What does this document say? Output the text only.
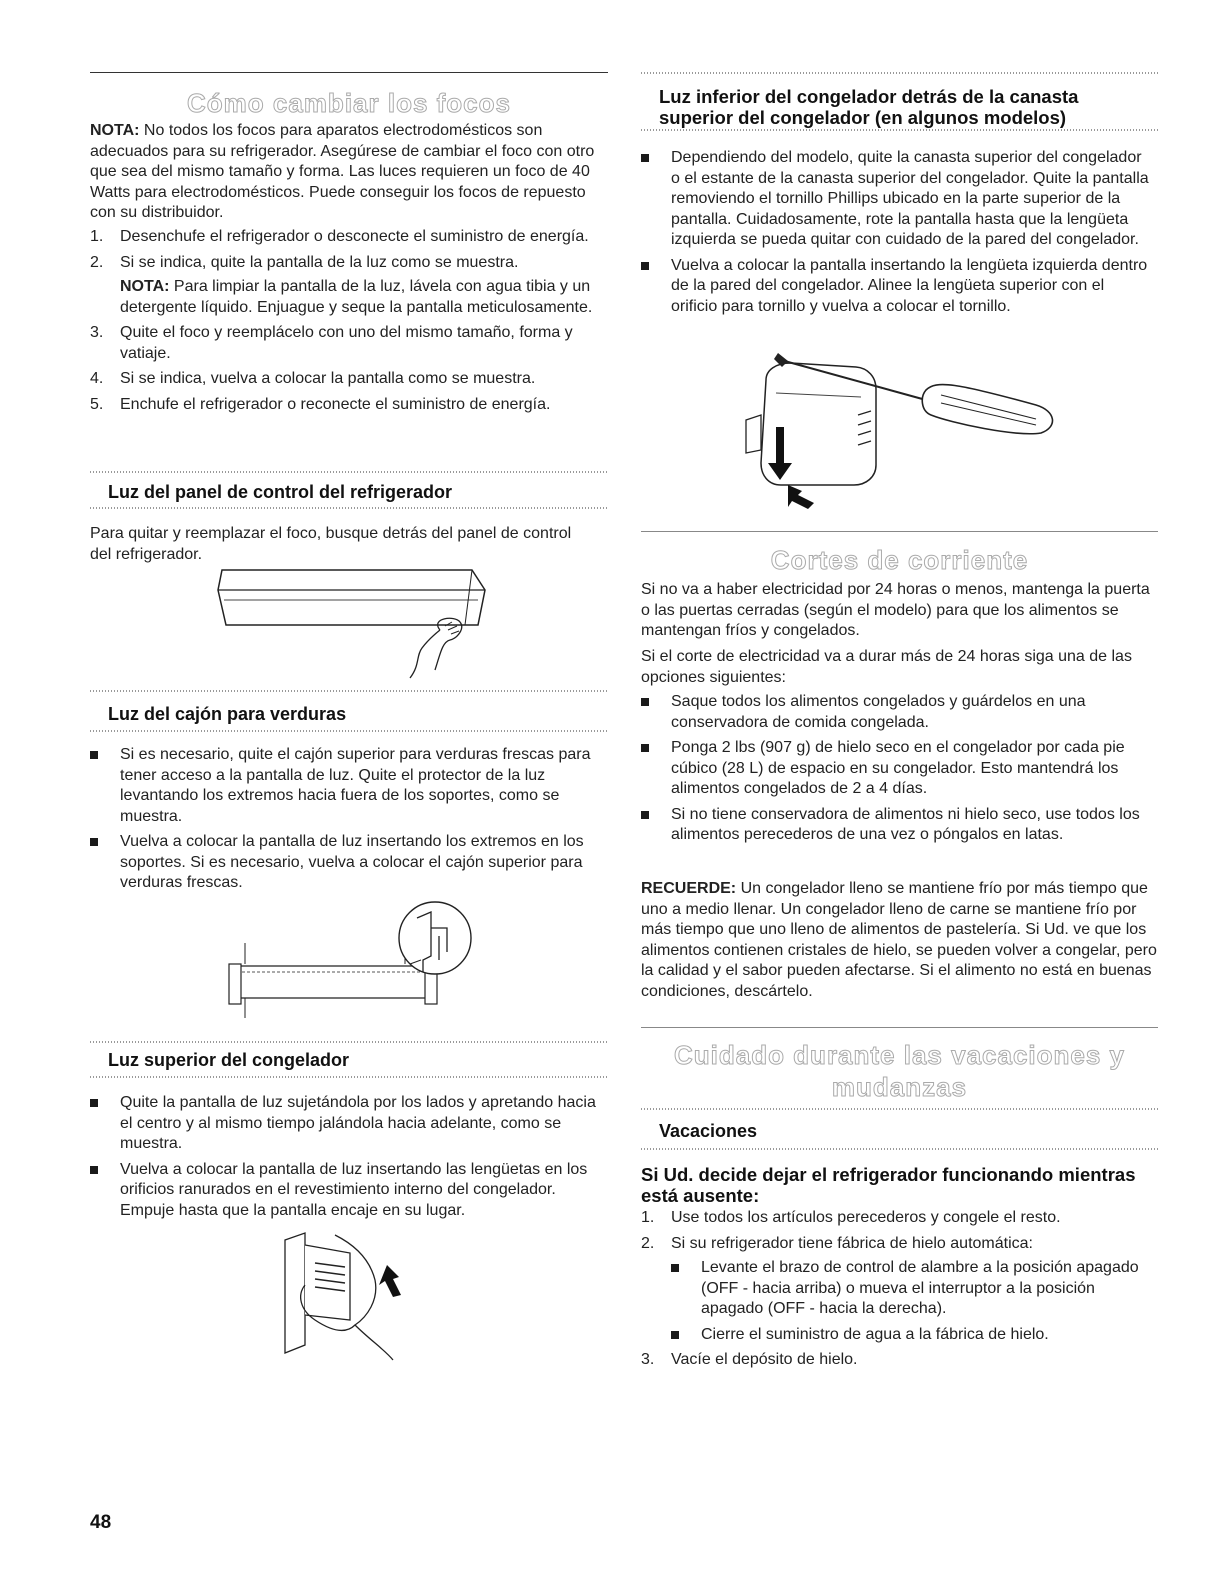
Cómo cambiar los focos
NOTA: No todos los focos para aparatos electrodomésticos son adecuados para su refrigerador. Asegúrese de cambiar el foco con otro que sea del mismo tamaño y forma. Las luces requieren un foco de 40 Watts para electrodomésticos. Puede conseguir los focos de repuesto con su distribuidor.
1. Desenchufe el refrigerador o desconecte el suministro de energía.
2. Si se indica, quite la pantalla de la luz como se muestra.
NOTA: Para limpiar la pantalla de la luz, lávela con agua tibia y un detergente líquido. Enjuague y seque la pantalla meticulosamente.
3. Quite el foco y reemplácelo con uno del mismo tamaño, forma y vatiaje.
4. Si se indica, vuelva a colocar la pantalla como se muestra.
5. Enchufe el refrigerador o reconecte el suministro de energía.
Luz del panel de control del refrigerador
Para quitar y reemplazar el foco, busque detrás del panel de control del refrigerador.
Luz del cajón para verduras
Si es necesario, quite el cajón superior para verduras frescas para tener acceso a la pantalla de luz. Quite el protector de la luz levantando los extremos hacia fuera de los soportes, como se muestra.
Vuelva a colocar la pantalla de luz insertando los extremos en los soportes. Si es necesario, vuelva a colocar el cajón superior para verduras frescas.
Luz superior del congelador
Quite la pantalla de luz sujetándola por los lados y apretando hacia el centro y al mismo tiempo jalándola hacia adelante, como se muestra.
Vuelva a colocar la pantalla de luz insertando las lengüetas en los orificios ranurados en el revestimiento interno del congelador. Empuje hasta que la pantalla encaje en su lugar.
48
Luz inferior del congelador detrás de la canasta superior del congelador (en algunos modelos)
Dependiendo del modelo, quite la canasta superior del congelador o el estante de la canasta superior del congelador. Quite la pantalla removiendo el tornillo Phillips ubicado en la parte superior de la pantalla. Cuidadosamente, rote la pantalla hasta que la lengüeta izquierda se pueda quitar con cuidado de la pared del congelador.
Vuelva a colocar la pantalla insertando la lengüeta izquierda dentro de la pared del congelador. Alinee la lengüeta superior con el orificio para tornillo y vuelva a colocar el tornillo.
Cortes de corriente
Si no va a haber electricidad por 24 horas o menos, mantenga la puerta o las puertas cerradas (según el modelo) para que los alimentos se mantengan fríos y congelados.
Si el corte de electricidad va a durar más de 24 horas siga una de las opciones siguientes:
Saque todos los alimentos congelados y guárdelos en una conservadora de comida congelada.
Ponga 2 lbs (907 g) de hielo seco en el congelador por cada pie cúbico (28 L) de espacio en su congelador. Esto mantendrá los alimentos congelados de 2 a 4 días.
Si no tiene conservadora de alimentos ni hielo seco, use todos los alimentos perecederos de una vez o póngalos en latas.
RECUERDE: Un congelador lleno se mantiene frío por más tiempo que uno a medio llenar. Un congelador lleno de carne se mantiene frío por más tiempo que uno lleno de alimentos de pastelería. Si Ud. ve que los alimentos contienen cristales de hielo, se pueden volver a congelar, pero la calidad y el sabor pueden afectarse. Si el alimento no está en buenas condiciones, descártelo.
Cuidado durante las vacaciones y
mudanzas
Vacaciones
Si Ud. decide dejar el refrigerador funcionando mientras está ausente:
1. Use todos los artículos perecederos y congele el resto.
2. Si su refrigerador tiene fábrica de hielo automática:
Levante el brazo de control de alambre a la posición apagado (OFF - hacia arriba) o mueva el interruptor a la posición apagado (OFF - hacia la derecha).
Cierre el suministro de agua a la fábrica de hielo.
3. Vacíe el depósito de hielo.
